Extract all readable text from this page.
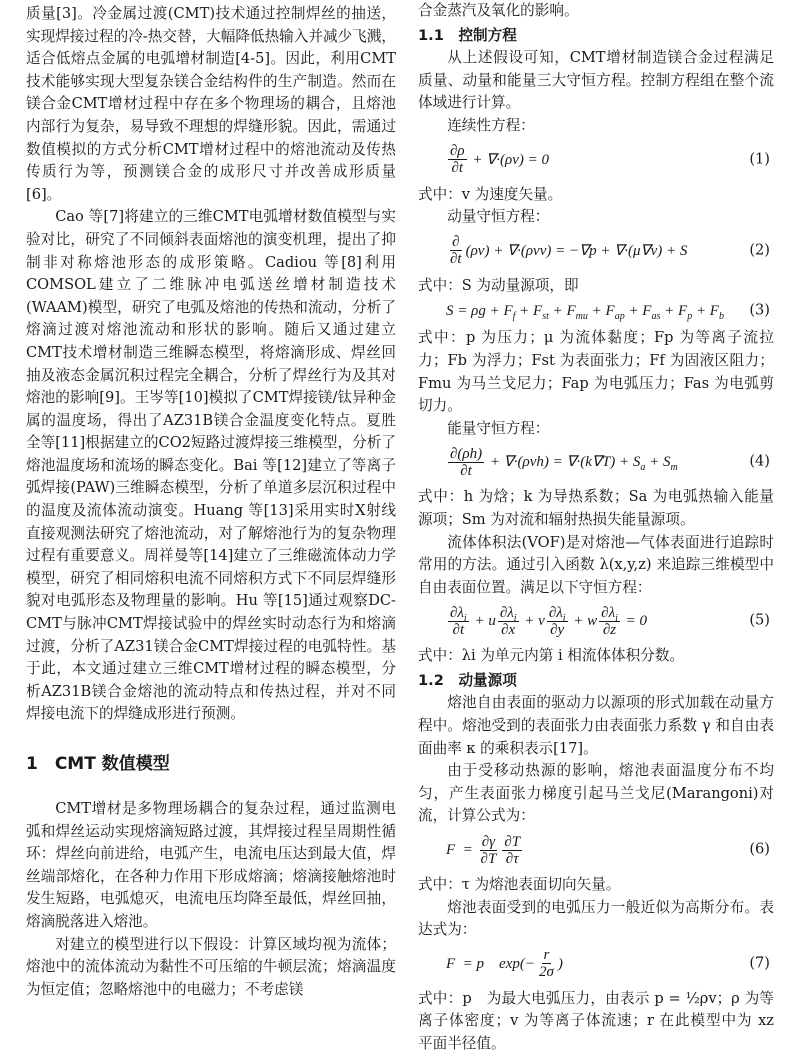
质量[3]。冷金属过渡(CMT)技术通过控制焊丝的抽送，实现焊接过程的冷-热交替，大幅降低热输入并减少飞溅，适合低熔点金属的电弧增材制造[4-5]。因此，利用CMT技术能够实现大型复杂镁合金结构件的生产制造。然而在镁合金CMT增材过程中存在多个物理场的耦合，且熔池内部行为复杂，易导致不理想的焊缝形貌。因此，需通过数值模拟的方式分析CMT增材过程中的熔池流动及传热传质行为等，预测镁合金的成形尺寸并改善成形质量[6]。

Cao 等[7]将建立的三维CMT电弧增材数值模型与实验对比，研究了不同倾斜表面熔池的演变机理，提出了抑制非对称熔池形态的成形策略。Cadiou 等[8]利用COMSOL建立了二维脉冲电弧送丝增材制造技术(WAAM)模型，研究了电弧及熔池的传热和流动，分析了熔滴过渡对熔池流动和形状的影响。随后又通过建立CMT技术增材制造三维瞬态模型，将熔滴形成、焊丝回抽及液态金属沉积过程完全耦合，分析了焊丝行为及其对熔池的影响[9]。王岑等[10]模拟了CMT焊接镁/钛异种金属的温度场，得出了AZ31B镁合金温度变化特点。夏胜全等[11]根据建立的CO2短路过渡焊接三维模型，分析了熔池温度场和流场的瞬态变化。Bai 等[12]建立了等离子弧焊接(PAW)三维瞬态模型，分析了单道多层沉积过程中的温度及流体流动演变。Huang 等[13]采用实时X射线直接观测法研究了熔池流动，对了解熔池行为的复杂物理过程有重要意义。周祥曼等[14]建立了三维磁流体动力学模型，研究了相同熔积电流不同熔积方式下不同层焊缝形貌对电弧形态及物理量的影响。Hu 等[15]通过观察DC-CMT与脉冲CMT焊接试验中的焊丝实时动态行为和熔滴过渡，分析了AZ31镁合金CMT焊接过程的电弧特性。基于此，本文通过建立三维CMT增材过程的瞬态模型，分析AZ31B镁合金熔池的流动特点和传热过程，并对不同焊接电流下的焊缝成形进行预测。

1　CMT 数值模型

CMT增材是多物理场耦合的复杂过程，通过监测电弧和焊丝运动实现熔滴短路过渡，其焊接过程呈周期性循环：焊丝向前进给，电弧产生，电流电压达到最大值，焊丝端部熔化，在各种力作用下形成熔滴；熔滴接触熔池时发生短路，电弧熄灭，电流电压均降至最低，焊丝回抽，熔滴脱落进入熔池。

对建立的模型进行以下假设：计算区域均视为流体；熔池中的流体流动为黏性不可压缩的牛顿层流；熔滴温度为恒定值；忽略熔池中的电磁力；不考虑镁

合金蒸汽及氧化的影响。

1.1　控制方程

从上述假设可知，CMT增材制造镁合金过程满足质量、动量和能量三大守恒方程。控制方程组在整个流体域进行计算。

连续性方程：

$\frac{\partial\rho}{\partial t} + \nabla\cdot(\rho v) = 0$	(1)

式中：v 为速度矢量。

动量守恒方程：

$\frac{\partial}{\partial t} (\rho v) + \nabla\cdot(\rho vv) = -\nabla p + \nabla\cdot(\mu\nabla v) + S$	(2)

式中：S 为动量源项，即

$S = \rho g + F_f + F_{st} + F_{mu} + F_{ap} + F_{as} + F_p + F_b$ (3)

式中：p 为压力；μ 为流体黏度；Fp 为等离子流拉力；Fb 为浮力；Fst 为表面张力；Ff 为固液区阻力；Fmu 为马兰戈尼力；Fap 为电弧压力；Fas 为电弧剪切力。

能量守恒方程：

$\frac{\partial(\rho h)}{\partial t} + \nabla\cdot(\rho vh) = \nabla\cdot(k\nabla T) + S_a + S_m$	(4)

式中：h 为焓；k 为导热系数；Sa 为电弧热输入能量源项；Sm 为对流和辐射热损失能量源项。

流体体积法(VOF)是对熔池—气体表面进行追踪时常用的方法。通过引入函数 λ(x,y,z) 来追踪三维模型中自由表面位置。满足以下守恒方程：

$\frac{\partial\lambda_i}{\partial t} + u \frac{\partial\lambda_i}{\partial x} + v \frac{\partial\lambda_i}{\partial y} + w \frac{\partial\lambda_i}{\partial z} = 0$	(5)

式中：λi 为单元内第 i 相流体体积分数。

1.2　动量源项

熔池自由表面的驱动力以源项的形式加载在动量方程中。熔池受到的表面张力由表面张力系数 γ 和自由表面曲率 κ 的乘积表示[17]。

由于受移动热源的影响，熔池表面温度分布不均匀，产生表面张力梯度引起马兰戈尼(Marangoni)对流，计算公式为：

$F = \frac{\partial\gamma}{\partial T} \frac{\partial T}{\partial\tau}$	(6)

式中：τ 为熔池表面切向矢量。

熔池表面受到的电弧压力一般近似为高斯分布。表达式为：

F  = p    $\exp(- \frac{r}{2\sigma}$ )	(7)

式中：p　为最大电弧压力，由表示 p = ½ρv；ρ 为等离子体密度；v 为等离子体流速；r 在此模型中为 xz 平面半径值。
